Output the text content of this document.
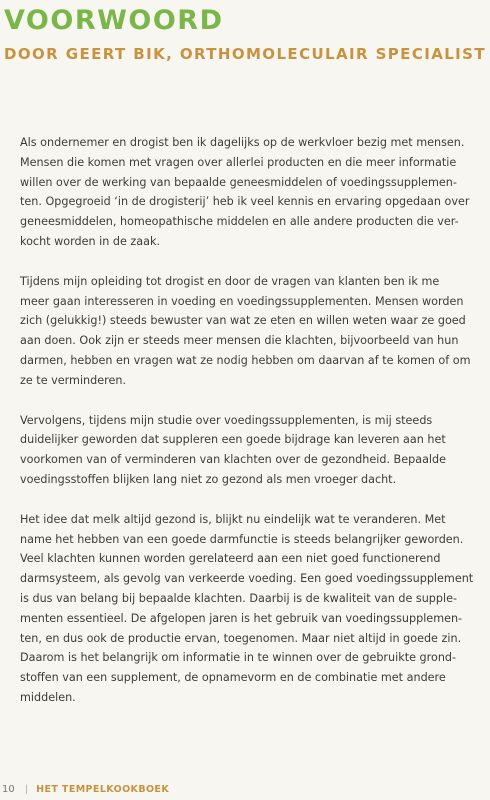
VOORWOORD
DOOR GEERT BIK, ORTHOMOLECULAIR SPECIALIST

Als ondernemer en drogist ben ik dagelijks op de werkvloer bezig met mensen.
Mensen die komen met vragen over allerlei producten en die meer informatie
willen over de werking van bepaalde geneesmiddelen of voedingssupplemen-
ten. Opgegroeid ‘in de drogisterij’ heb ik veel kennis en ervaring opgedaan over
geneesmiddelen, homeopathische middelen en alle andere producten die ver-
kocht worden in de zaak.

Tijdens mijn opleiding tot drogist en door de vragen van klanten ben ik me
meer gaan interesseren in voeding en voedingssupplementen. Mensen worden
zich (gelukkig!) steeds bewuster van wat ze eten en willen weten waar ze goed
aan doen. Ook zijn er steeds meer mensen die klachten, bijvoorbeeld van hun
darmen, hebben en vragen wat ze nodig hebben om daarvan af te komen of om
ze te verminderen.

Vervolgens, tijdens mijn studie over voedingssupplementen, is mij steeds
duidelijker geworden dat suppleren een goede bijdrage kan leveren aan het
voorkomen van of verminderen van klachten over de gezondheid. Bepaalde
voedingsstoffen blijken lang niet zo gezond als men vroeger dacht.

Het idee dat melk altijd gezond is, blijkt nu eindelijk wat te veranderen. Met
name het hebben van een goede darmfunctie is steeds belangrijker geworden.
Veel klachten kunnen worden gerelateerd aan een niet goed functionerend
darmsysteem, als gevolg van verkeerde voeding. Een goed voedingssupplement
is dus van belang bij bepaalde klachten. Daarbij is de kwaliteit van de supple-
menten essentieel. De afgelopen jaren is het gebruik van voedingssupplemen-
ten, en dus ook de productie ervan, toegenomen. Maar niet altijd in goede zin.
Daarom is het belangrijk om informatie in te winnen over de gebruikte grond-
stoffen van een supplement, de opnamevorm en de combinatie met andere
middelen.

10 | HET TEMPELKOOKBOEK
